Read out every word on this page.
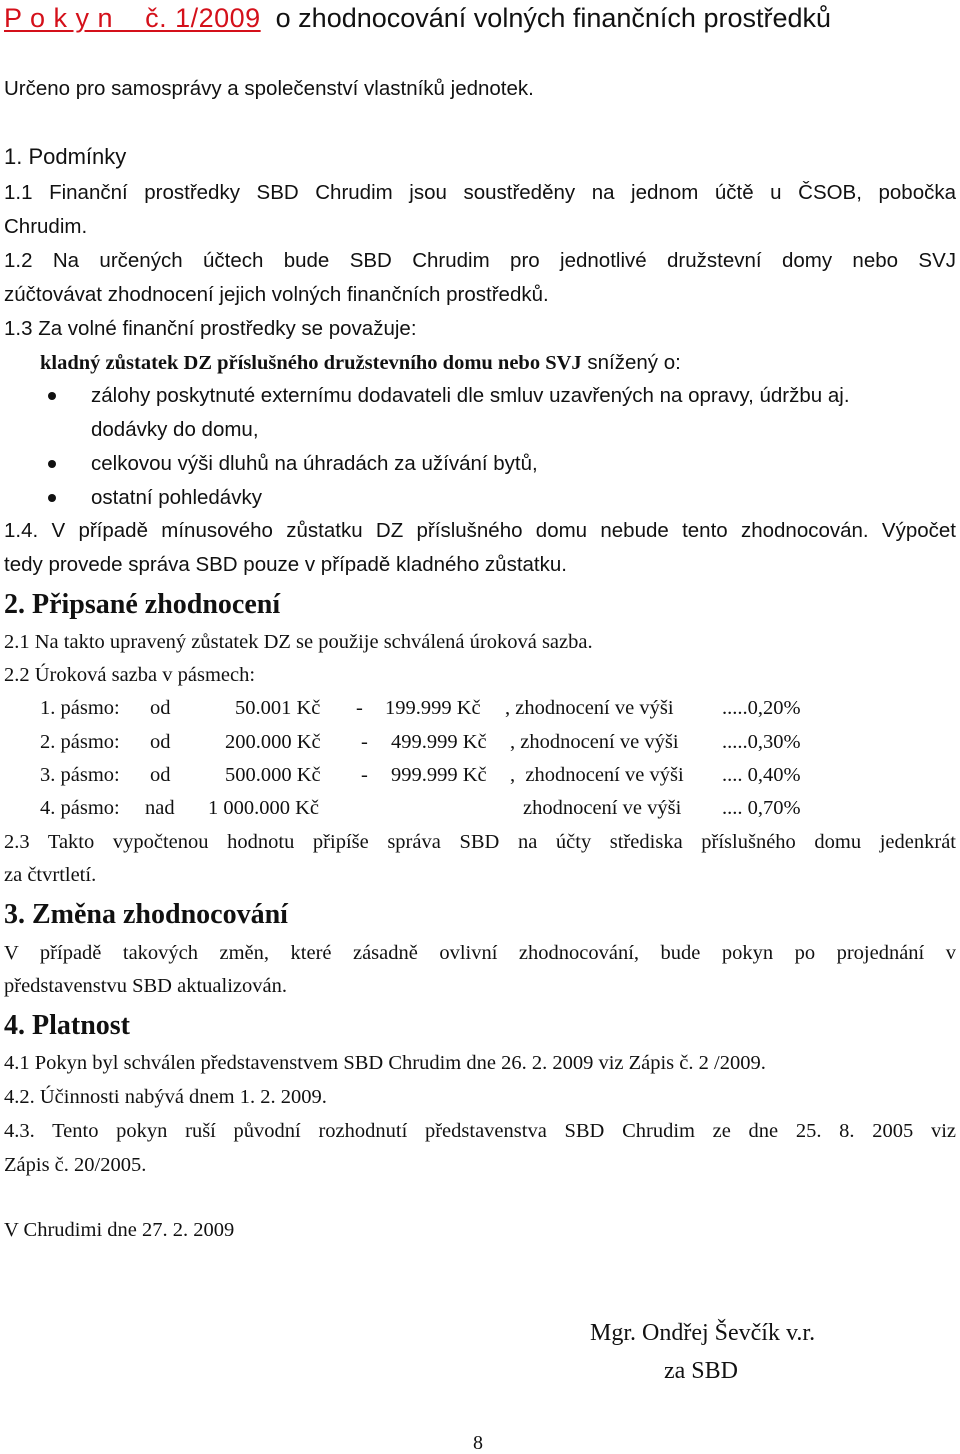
P o k y n    č. 1/2009  o zhodnocování volných finančních prostředků
Určeno pro samosprávy a společenství vlastníků jednotek.
1. Podmínky
1.1 Finanční prostředky SBD Chrudim jsou soustředěny na jednom účtě u ČSOB, pobočka
Chrudim.
1.2 Na určených účtech bude SBD Chrudim pro jednotlivé družstevní domy nebo SVJ
zúčtovávat zhodnocení jejich volných finančních prostředků.
1.3 Za volné finanční prostředky se považuje:
kladný zůstatek DZ příslušného družstevního domu nebo SVJ snížený o:
zálohy poskytnuté externímu dodavateli dle smluv uzavřených na opravy, údržbu aj.
dodávky do domu,
celkovou výši dluhů na úhradách za užívání bytů,
ostatní pohledávky
1.4. V případě mínusového zůstatku DZ příslušného domu nebude tento zhodnocován. Výpočet
tedy provede správa SBD pouze v případě kladného zůstatku.
2. Připsané zhodnocení
2.1 Na takto upravený zůstatek DZ se použije schválená úroková sazba.
2.2 Úroková sazba v pásmech:
1. pásmo: od	50.001 Kč - 199.999 Kč , zhodnocení ve výši .....0,20%
2. pásmo: od	200.000 Kč - 499.999 Kč , zhodnocení ve výši .....0,30%
3. pásmo: od	500.000 Kč - 999.999 Kč ,  zhodnocení ve výši .... 0,40%
4. pásmo: nad 1 000.000 Kč	zhodnocení ve výši .... 0,70%
2.3 Takto vypočtenou hodnotu připíše správa SBD na účty střediska příslušného domu jedenkrát
za čtvrtletí.
3. Změna zhodnocování
V případě takových změn, které zásadně ovlivní zhodnocování, bude pokyn po projednání v
představenstvu SBD aktualizován.
4. Platnost
4.1 Pokyn byl schválen představenstvem SBD Chrudim dne 26. 2. 2009 viz Zápis č. 2 /2009.
4.2. Účinnosti nabývá dnem 1. 2. 2009.
4.3. Tento pokyn ruší původní rozhodnutí představenstva SBD Chrudim ze dne 25. 8. 2005 viz
Zápis č. 20/2005.
V Chrudimi dne 27. 2. 2009
Mgr. Ondřej Ševčík v.r.
za SBD
8
